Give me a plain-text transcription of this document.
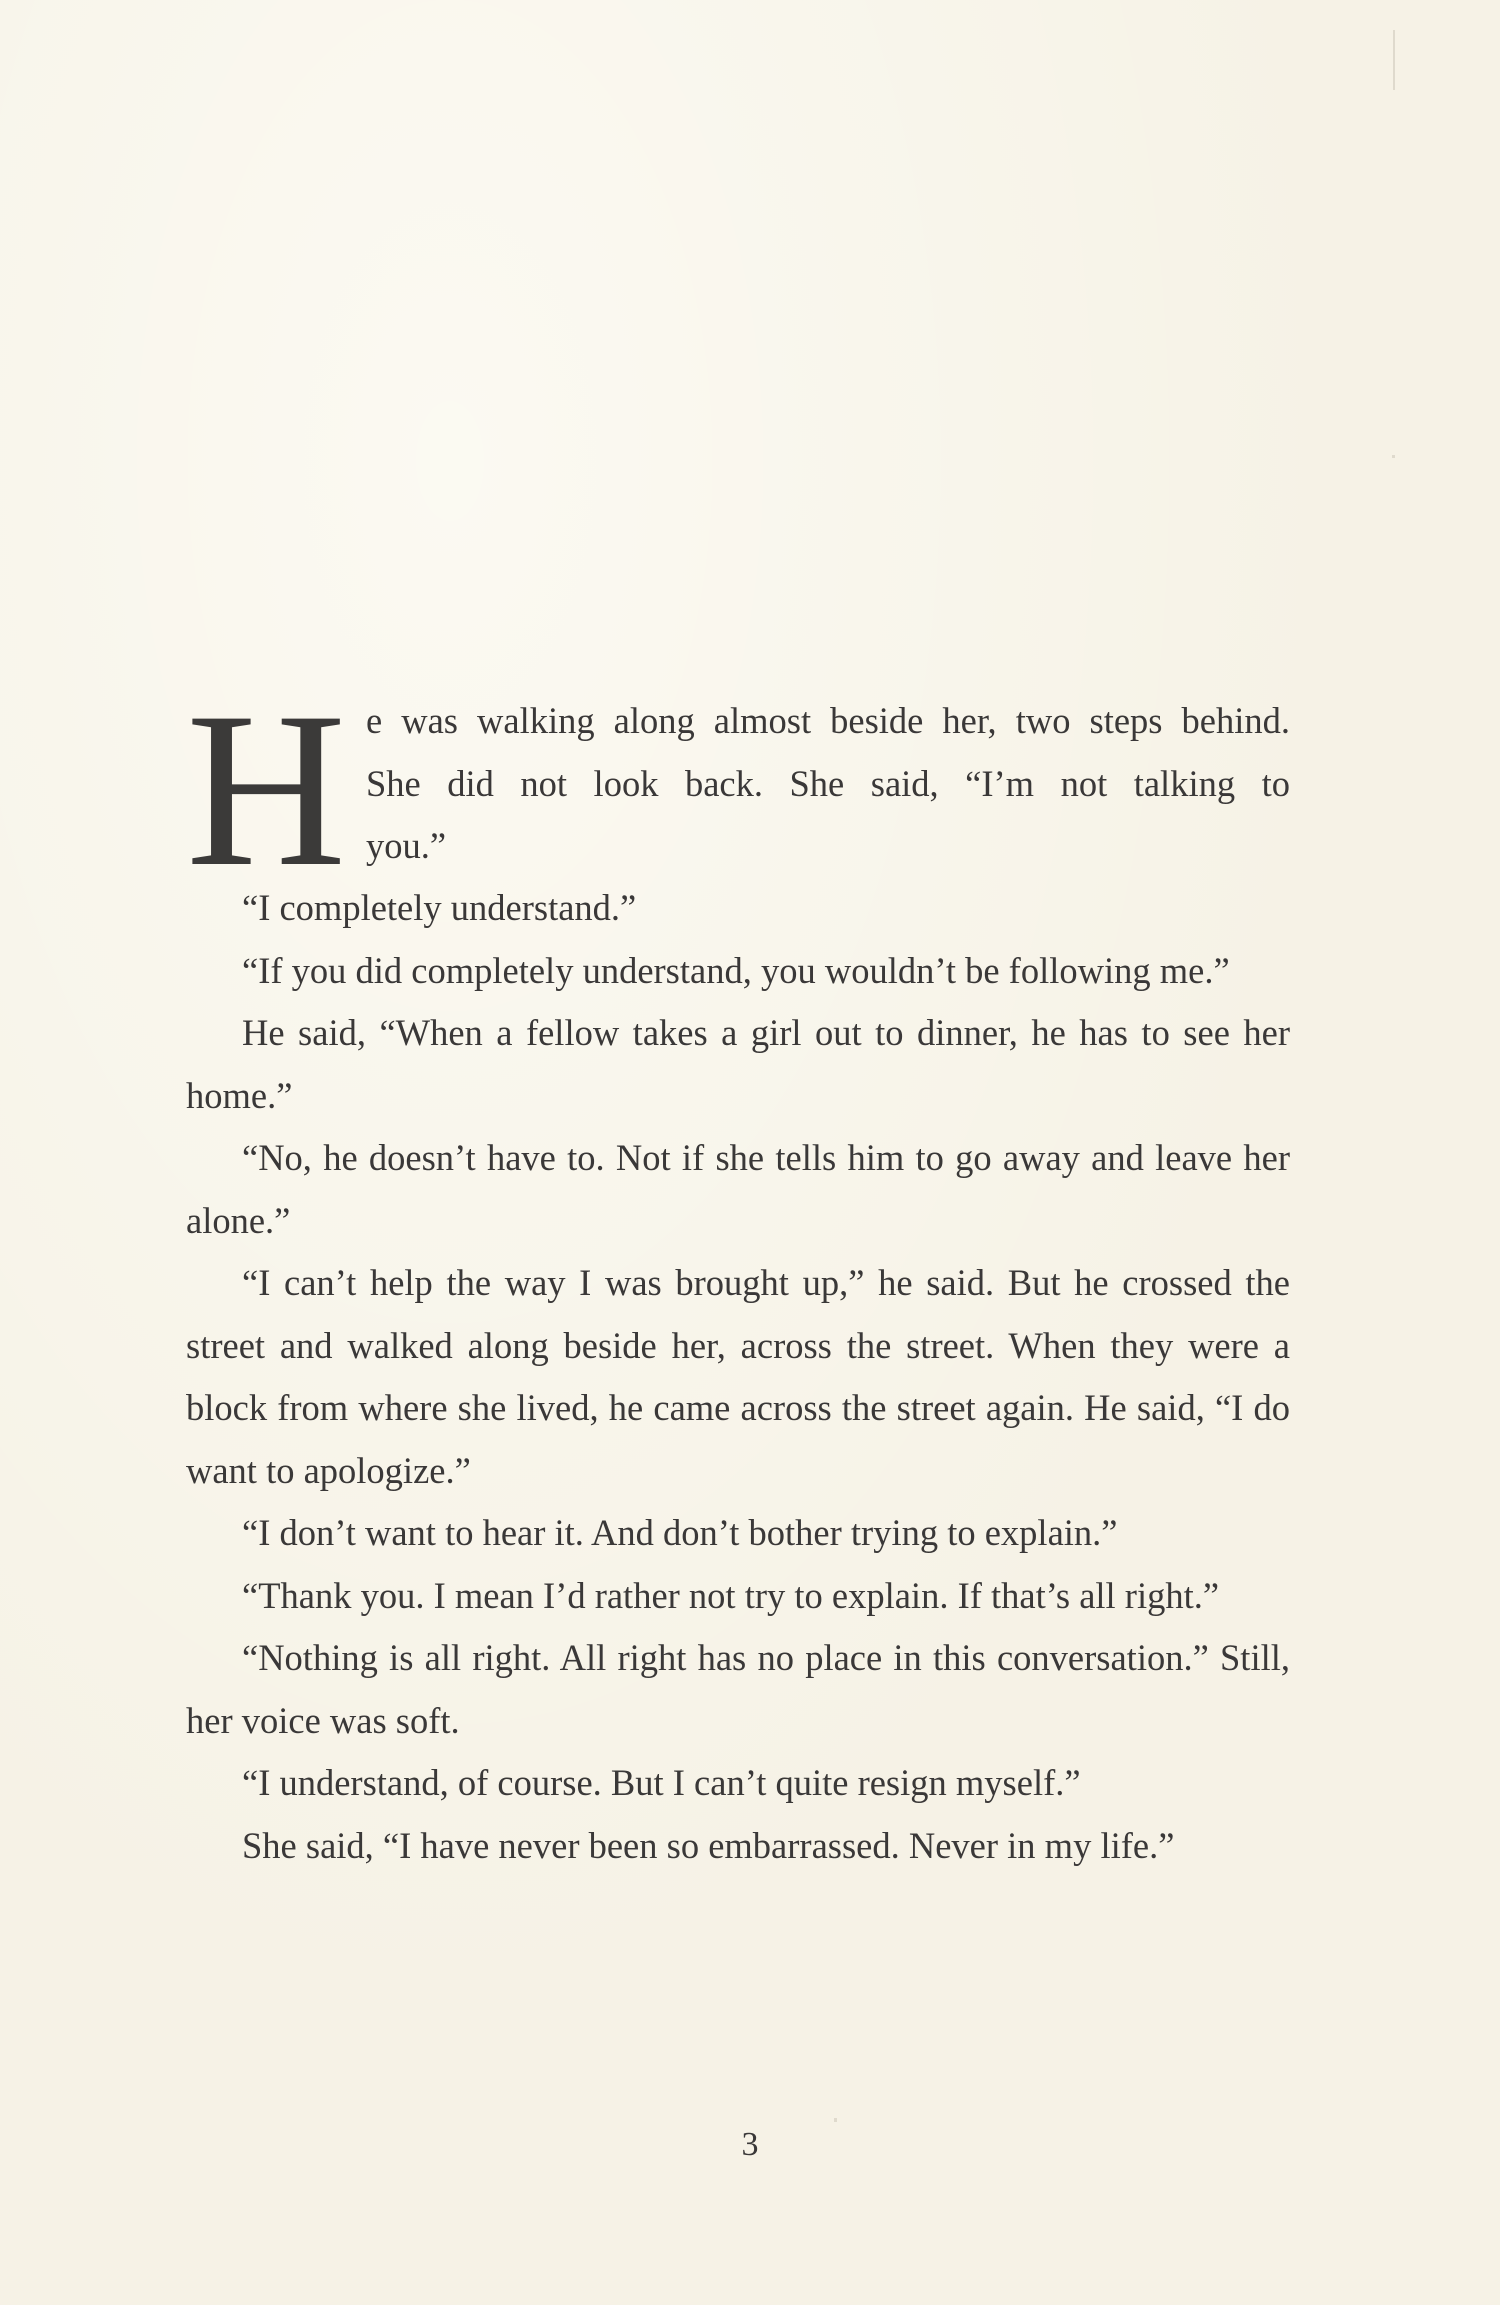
H e was walking along almost beside her, two steps behind.
She did not look back. She said, “I’m not talking to
you.”

“I completely understand.”

“If you did completely understand, you wouldn’t be following me.”

He said, “When a fellow takes a girl out to dinner, he has to see her home.”

“No, he doesn’t have to. Not if she tells him to go away and leave her alone.”

“I can’t help the way I was brought up,” he said. But he crossed the street and walked along beside her, across the street. When they were a block from where she lived, he came across the street again. He said, “I do want to apologize.”

“I don’t want to hear it. And don’t bother trying to explain.”

“Thank you. I mean I’d rather not try to explain. If that’s all right.”

“Nothing is all right. All right has no place in this conversation.” Still, her voice was soft.

“I understand, of course. But I can’t quite resign myself.”

She said, “I have never been so embarrassed. Never in my life.”

3
